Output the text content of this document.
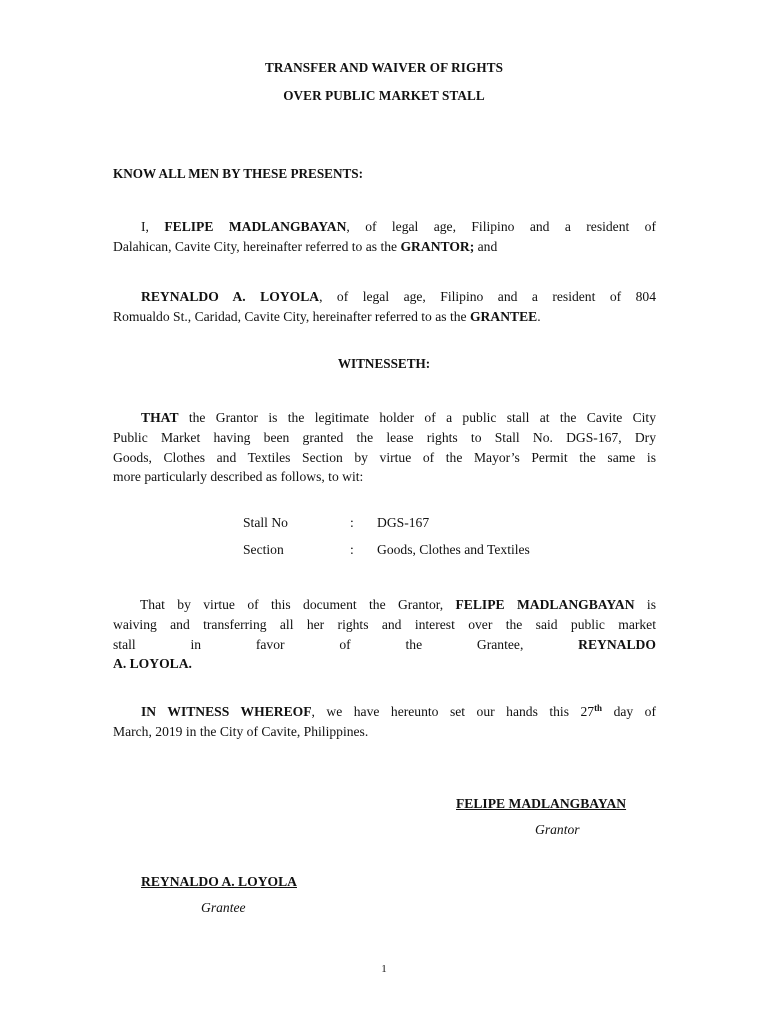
TRANSFER AND WAIVER OF RIGHTS
OVER PUBLIC MARKET STALL
KNOW ALL MEN BY THESE PRESENTS:
I, FELIPE MADLANGBAYAN, of legal age, Filipino and a resident of
Dalahican, Cavite City, hereinafter referred to as the GRANTOR; and
REYNALDO A. LOYOLA, of legal age, Filipino and a resident of 804
Romualdo St., Caridad, Cavite City, hereinafter referred to as the GRANTEE.
WITNESSETH:
THAT the Grantor is the legitimate holder of a public stall at the Cavite City
Public Market having been granted the lease rights to Stall No. DGS-167, Dry
Goods, Clothes and Textiles Section by virtue of the Mayor’s Permit the same is
more particularly described as follows, to wit:
Stall No	: DGS-167
Section	: Goods, Clothes and Textiles
That by virtue of this document the Grantor, FELIPE MADLANGBAYAN is
waiving and transferring all her rights and interest over the said public market
stall	in	favor	of	the	Grantee,	REYNALDO
A. LOYOLA.
IN WITNESS WHEREOF, we have hereunto set our hands this 27th day of
March, 2019 in the City of Cavite, Philippines.
FELIPE MADLANGBAYAN
Grantor
REYNALDO A. LOYOLA
Grantee
1
